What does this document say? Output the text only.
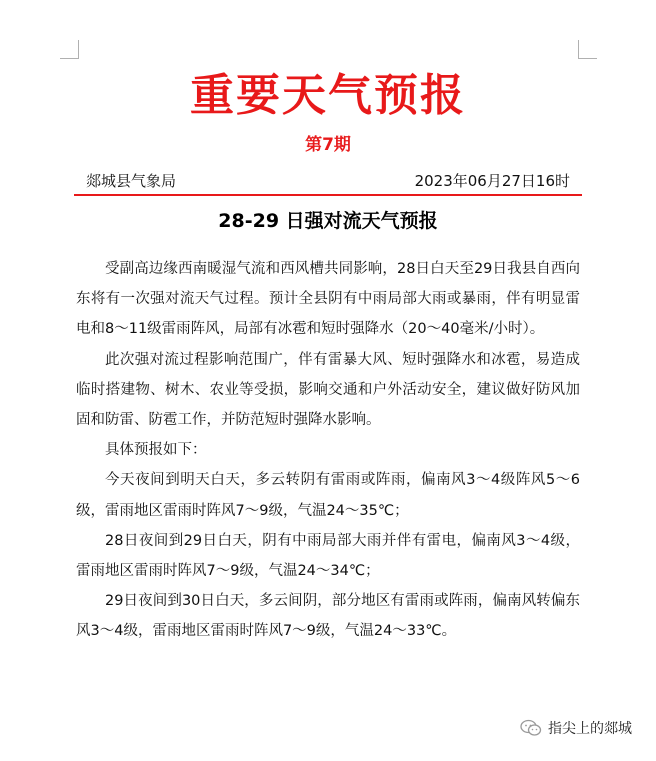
重要天气预报
第7期
郯城县气象局	2023年06月27日16时
28-29 日强对流天气预报

受副高边缘西南暖湿气流和西风槽共同影响，28日白天至29日我县自西向东将有一次强对流天气过程。预计全县阴有中雨局部大雨或暴雨，伴有明显雷电和8～11级雷雨阵风，局部有冰雹和短时强降水（20～40毫米/小时）。

此次强对流过程影响范围广，伴有雷暴大风、短时强降水和冰雹，易造成临时搭建物、树木、农业等受损，影响交通和户外活动安全，建议做好防风加固和防雷、防雹工作，并防范短时强降水影响。

具体预报如下：

今天夜间到明天白天，多云转阴有雷雨或阵雨，偏南风3～4级阵风5～6级，雷雨地区雷雨时阵风7～9级，气温24～35℃；

28日夜间到29日白天，阴有中雨局部大雨并伴有雷电，偏南风3～4级，雷雨地区雷雨时阵风7～9级，气温24～34℃；

29日夜间到30日白天，多云间阴，部分地区有雷雨或阵雨，偏南风转偏东风3～4级，雷雨地区雷雨时阵风7～9级，气温24～33℃。

指尖上的郯城
